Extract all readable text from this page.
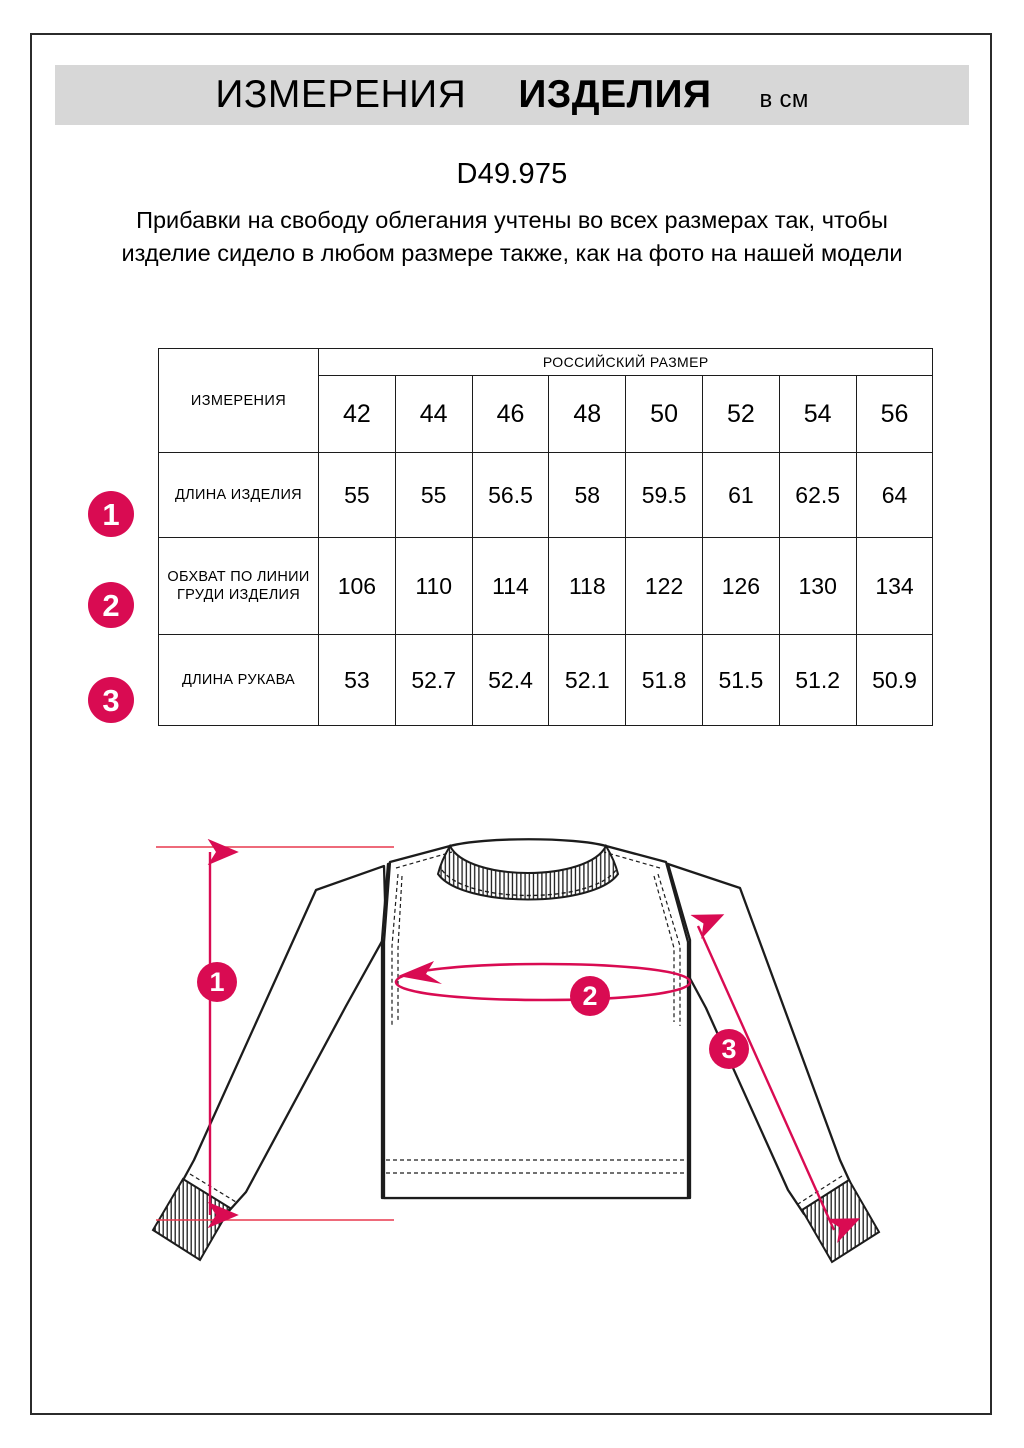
ИЗМЕРЕНИЯ ИЗДЕЛИЯ в см
D49.975
Прибавки на свободу облегания учтены во всех размерах так, чтобы изделие сидело в любом размере также, как на фото на нашей модели
ИЗМЕРЕНИЯ	РОССИЙСКИЙ РАЗМЕР							
	42	44	46	48	50	52	54	56
ДЛИНА ИЗДЕЛИЯ	55	55	56.5	58	59.5	61	62.5	64
ОБХВАТ ПО ЛИНИИ ГРУДИ ИЗДЕЛИЯ	106	110	114	118	122	126	130	134
ДЛИНА РУКАВА	53	52.7	52.4	52.1	51.8	51.5	51.2	50.9
1
2
3
1	2
3
